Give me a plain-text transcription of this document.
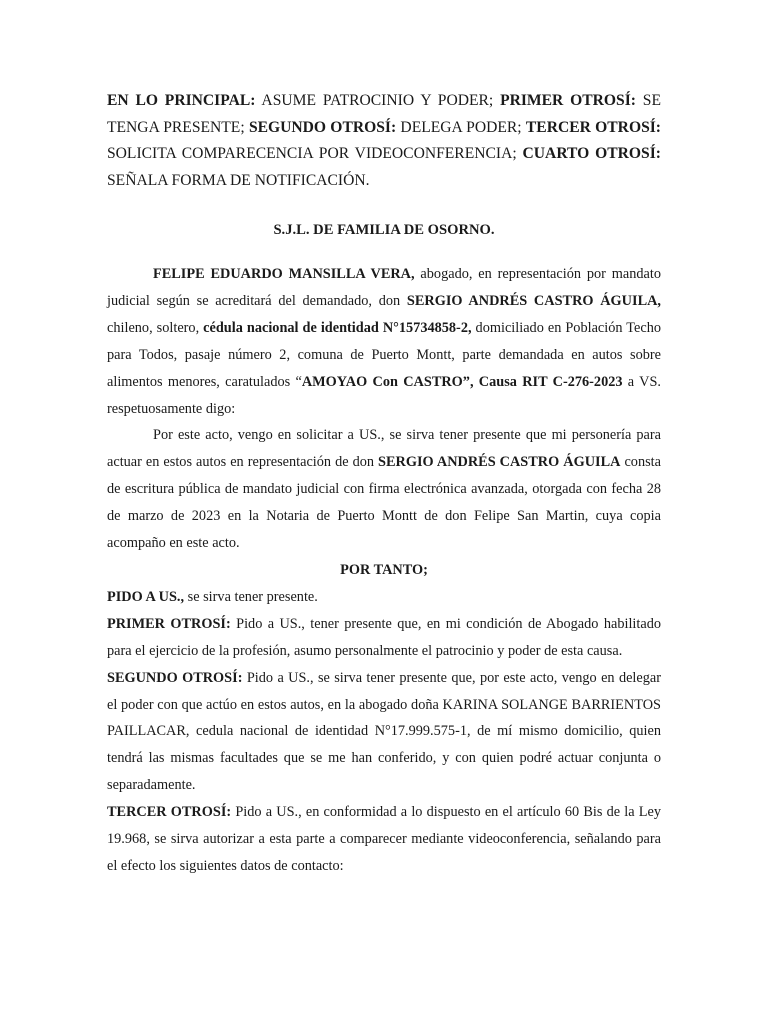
EN LO PRINCIPAL: ASUME PATROCINIO Y PODER; PRIMER OTROSÍ: SE TENGA PRESENTE; SEGUNDO OTROSÍ: DELEGA PODER; TERCER OTROSÍ: SOLICITA COMPARECENCIA POR VIDEOCONFERENCIA; CUARTO OTROSÍ: SEÑALA FORMA DE NOTIFICACIÓN.

S.J.L. DE FAMILIA DE OSORNO.

FELIPE EDUARDO MANSILLA VERA, abogado, en representación por mandato judicial según se acreditará del demandado, don SERGIO ANDRÉS CASTRO ÁGUILA, chileno, soltero, cédula nacional de identidad N°15734858-2, domiciliado en Población Techo para Todos, pasaje número 2, comuna de Puerto Montt, parte demandada en autos sobre alimentos menores, caratulados “AMOYAO Con CASTRO”, Causa RIT C-276-2023 a VS. respetuosamente digo:

Por este acto, vengo en solicitar a US., se sirva tener presente que mi personería para actuar en estos autos en representación de don SERGIO ANDRÉS CASTRO ÁGUILA consta de escritura pública de mandato judicial con firma electrónica avanzada, otorgada con fecha 28 de marzo de 2023 en la Notaria de Puerto Montt de don Felipe San Martin, cuya copia acompaño en este acto.

POR TANTO;

PIDO A US., se sirva tener presente.

PRIMER OTROSÍ: Pido a US., tener presente que, en mi condición de Abogado habilitado para el ejercicio de la profesión, asumo personalmente el patrocinio y poder de esta causa.

SEGUNDO OTROSÍ: Pido a US., se sirva tener presente que, por este acto, vengo en delegar el poder con que actúo en estos autos, en la abogado doña KARINA SOLANGE BARRIENTOS PAILLACAR, cedula nacional de identidad N°17.999.575-1, de mí mismo domicilio, quien tendrá las mismas facultades que se me han conferido, y con quien podré actuar conjunta o separadamente.

TERCER OTROSÍ: Pido a US., en conformidad a lo dispuesto en el artículo 60 Bis de la Ley 19.968, se sirva autorizar a esta parte a comparecer mediante videoconferencia, señalando para el efecto los siguientes datos de contacto:
